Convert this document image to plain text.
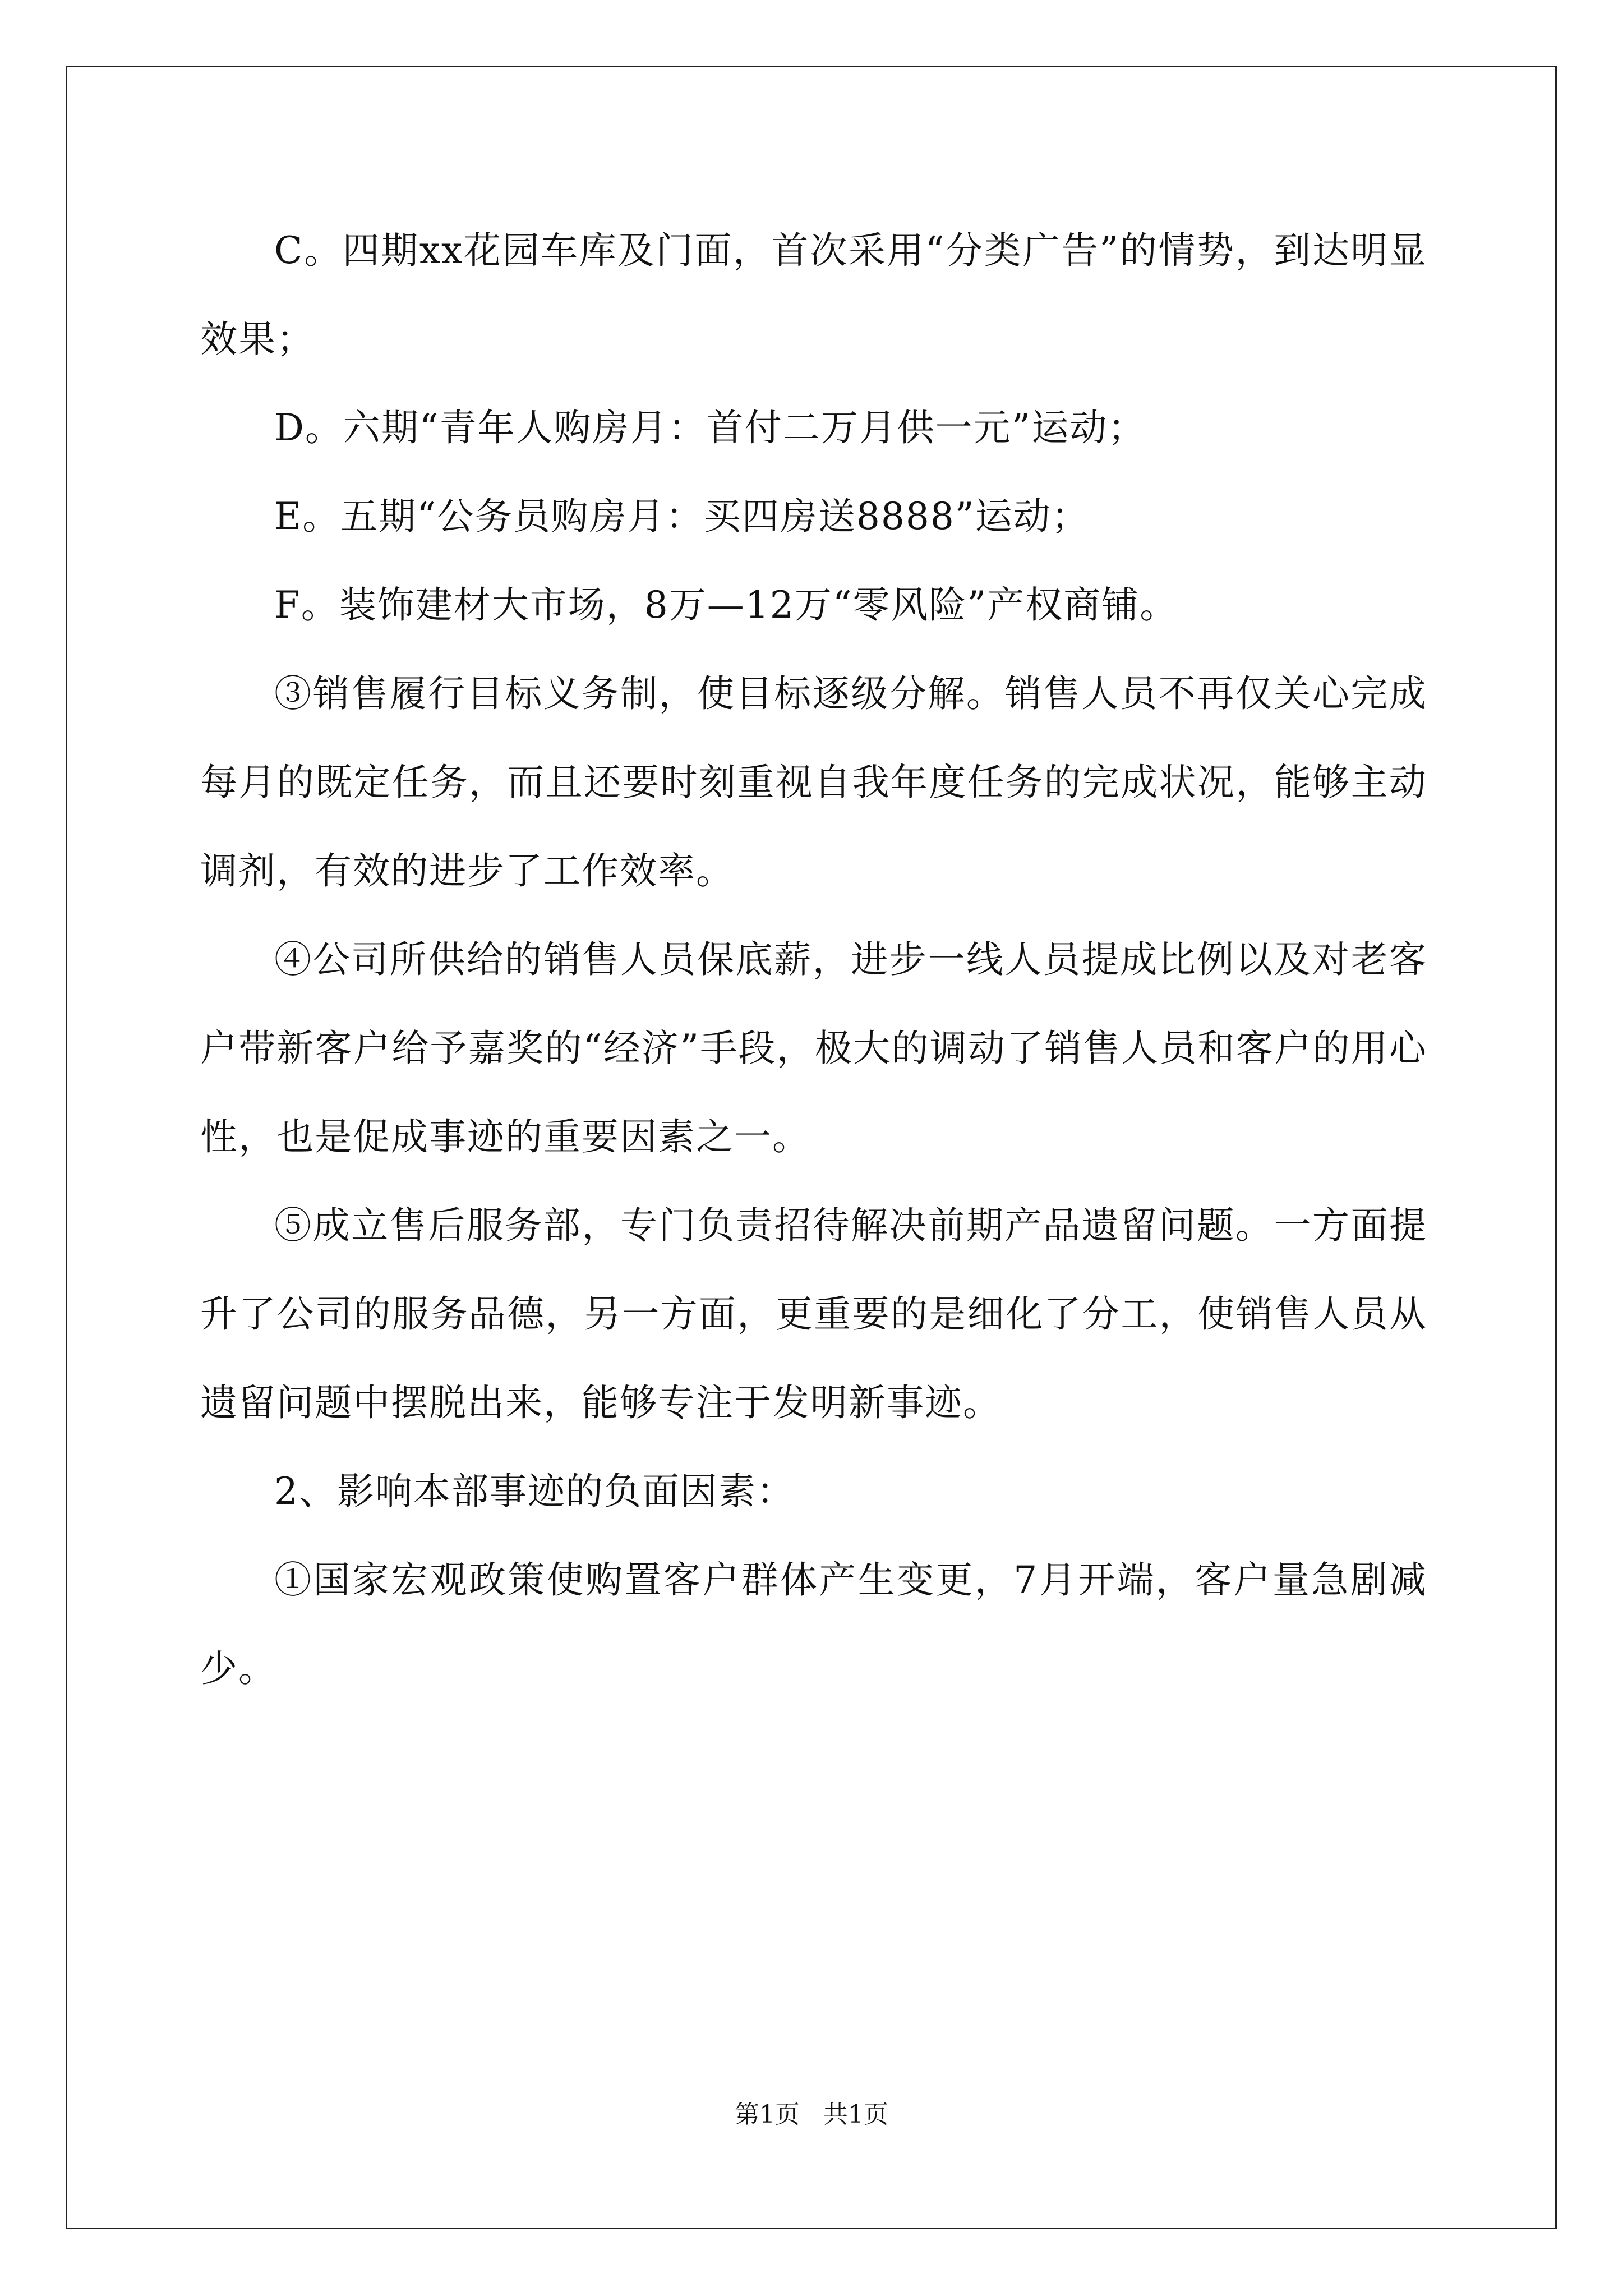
C。四期xx花园车库及门面，首次采用“分类广告”的情势，到达明显效果；

D。六期“青年人购房月：首付二万月供一元”运动；

E。五期“公务员购房月：买四房送8888”运动；

F。装饰建材大市场，8万—12万“零风险”产权商铺。

③销售履行目标义务制，使目标逐级分解。销售人员不再仅关心完成每月的既定任务，而且还要时刻重视自我年度任务的完成状况，能够主动调剂，有效的进步了工作效率。

④公司所供给的销售人员保底薪，进步一线人员提成比例以及对老客户带新客户给予嘉奖的“经济”手段，极大的调动了销售人员和客户的用心性，也是促成事迹的重要因素之一。

⑤成立售后服务部，专门负责招待解决前期产品遗留问题。一方面提升了公司的服务品德，另一方面，更重要的是细化了分工，使销售人员从遗留问题中摆脱出来，能够专注于发明新事迹。

2、影响本部事迹的负面因素：

①国家宏观政策使购置客户群体产生变更，7月开端，客户量急剧减少。

第1页 共1页
